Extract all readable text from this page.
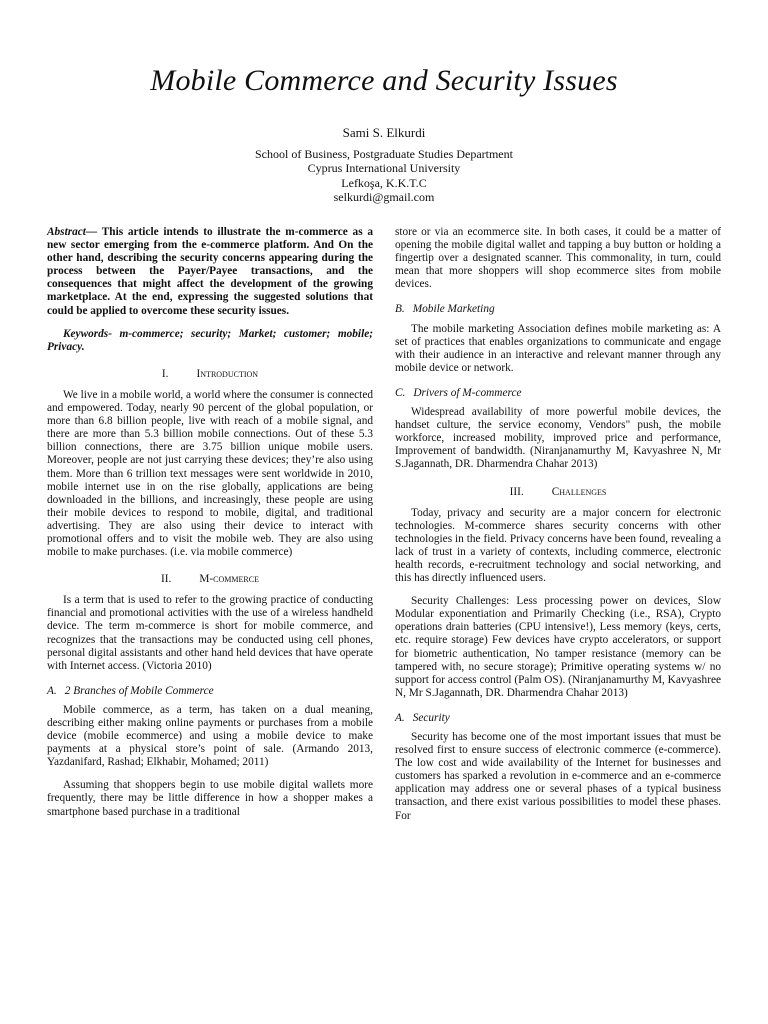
Mobile Commerce and Security Issues
Sami S. Elkurdi
School of Business, Postgraduate Studies Department
Cyprus International University
Lefkoşa, K.K.T.C
selkurdi@gmail.com

Abstract— This article intends to illustrate the m-commerce as a new sector emerging from the e-commerce platform. And On the other hand, describing the security concerns appearing during the process between the Payer/Payee transactions, and the consequences that might affect the development of the growing marketplace. At the end, expressing the suggested solutions that could be applied to overcome these security issues.

Keywords- m-commerce; security; Market; customer; mobile; Privacy.

I. Introduction

We live in a mobile world, a world where the consumer is connected and empowered. Today, nearly 90 percent of the global population, or more than 6.8 billion people, live with reach of a mobile signal, and there are more than 5.3 billion mobile connections. Out of these 5.3 billion connections, there are 3.75 billion unique mobile users. Moreover, people are not just carrying these devices; they’re also using them. More than 6 trillion text messages were sent worldwide in 2010, mobile internet use in on the rise globally, applications are being downloaded in the billions, and increasingly, these people are using their mobile devices to respond to mobile, digital, and traditional advertising. They are also using their device to interact with promotional offers and to visit the mobile web. They are also using mobile to make purchases. (i.e. via mobile commerce)

II. M-commerce

Is a term that is used to refer to the growing practice of conducting financial and promotional activities with the use of a wireless handheld device. The term m-commerce is short for mobile commerce, and recognizes that the transactions may be conducted using cell phones, personal digital assistants and other hand held devices that have operate with Internet access. (Victoria 2010)

A. 2 Branches of Mobile Commerce

Mobile commerce, as a term, has taken on a dual meaning, describing either making online payments or purchases from a mobile device (mobile ecommerce) and using a mobile device to make payments at a physical store’s point of sale. (Armando 2013, Yazdanifard, Rashad; Elkhabir, Mohamed; 2011)

Assuming that shoppers begin to use mobile digital wallets more frequently, there may be little difference in how a shopper makes a smartphone based purchase in a traditional

store or via an ecommerce site. In both cases, it could be a matter of opening the mobile digital wallet and tapping a buy button or holding a fingertip over a designated scanner. This commonality, in turn, could mean that more shoppers will shop ecommerce sites from mobile devices.

B. Mobile Marketing

The mobile marketing Association defines mobile marketing as: A set of practices that enables organizations to communicate and engage with their audience in an interactive and relevant manner through any mobile device or network.

C. Drivers of M-commerce

Widespread availability of more powerful mobile devices, the handset culture, the service economy, Vendors" push, the mobile workforce, increased mobility, improved price and performance, Improvement of bandwidth. (Niranjanamurthy M, Kavyashree N, Mr S.Jagannath, DR. Dharmendra Chahar 2013)

III. Challenges

Today, privacy and security are a major concern for electronic technologies. M-commerce shares security concerns with other technologies in the field. Privacy concerns have been found, revealing a lack of trust in a variety of contexts, including commerce, electronic health records, e-recruitment technology and social networking, and this has directly influenced users.

Security Challenges: Less processing power on devices, Slow Modular exponentiation and Primarily Checking (i.e., RSA), Crypto operations drain batteries (CPU intensive!), Less memory (keys, certs, etc. require storage) Few devices have crypto accelerators, or support for biometric authentication, No tamper resistance (memory can be tampered with, no secure storage); Primitive operating systems w/ no support for access control (Palm OS). (Niranjanamurthy M, Kavyashree N, Mr S.Jagannath, DR. Dharmendra Chahar 2013)

A. Security

Security has become one of the most important issues that must be resolved first to ensure success of electronic commerce (e-commerce). The low cost and wide availability of the Internet for businesses and customers has sparked a revolution in e-commerce and an e-commerce application may address one or several phases of a typical business transaction, and there exist various possibilities to model these phases. For
